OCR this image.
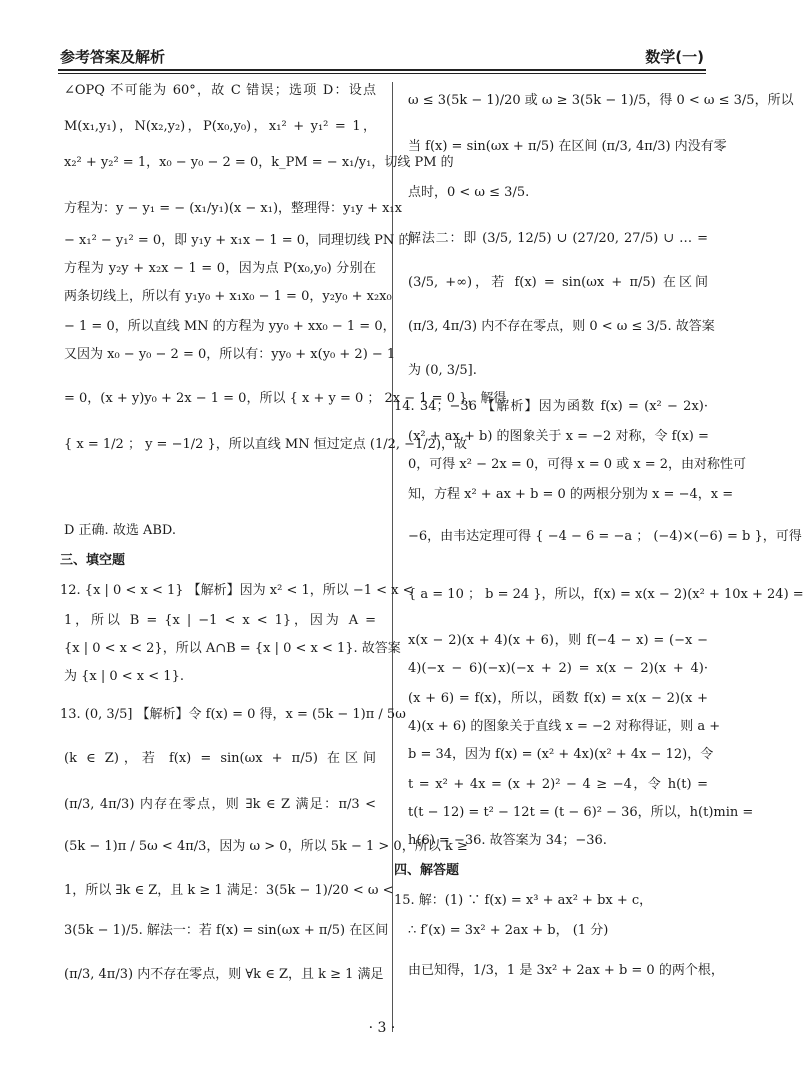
参考答案及解析	数学(一)
∠OPQ 不可能为 60°，故 C 错误；选项 D：设点
M(x₁,y₁)，N(x₂,y₂)，P(x₀,y₀)，x₁² + y₁² = 1，
x₂² + y₂² = 1，x₀ − y₀ − 2 = 0，k_PM = − x₁/y₁，切线 PM 的
方程为：y − y₁ = − (x₁/y₁)(x − x₁)，整理得：y₁y + x₁x
− x₁² − y₁² = 0，即 y₁y + x₁x − 1 = 0，同理切线 PN 的
方程为 y₂y + x₂x − 1 = 0，因为点 P(x₀,y₀) 分别在
两条切线上，所以有 y₁y₀ + x₁x₀ − 1 = 0，y₂y₀ + x₂x₀
− 1 = 0，所以直线 MN 的方程为 yy₀ + xx₀ − 1 = 0，
又因为 x₀ − y₀ − 2 = 0，所以有：yy₀ + x(y₀ + 2) − 1
= 0，(x + y)y₀ + 2x − 1 = 0，所以 { x + y = 0 ； 2x − 1 = 0 }，解得
{ x = 1/2 ； y = −1/2 }，所以直线 MN 恒过定点 (1/2, −1/2)，故
D 正确. 故选 ABD.
三、填空题
12. {x | 0 < x < 1} 【解析】因为 x² < 1，所以 −1 < x <
1，所以 B = {x | −1 < x < 1}，因为 A =
{x | 0 < x < 2}，所以 A∩B = {x | 0 < x < 1}. 故答案
为 {x | 0 < x < 1}.
13. (0, 3/5] 【解析】令 f(x) = 0 得，x = (5k − 1)π / 5ω
(k ∈ Z)，若 f(x) = sin(ωx + π/5) 在区间
(π/3, 4π/3) 内存在零点，则 ∃k ∈ Z 满足：π/3 <
(5k − 1)π / 5ω < 4π/3，因为 ω > 0，所以 5k − 1 > 0，所以 k ≥
1，所以 ∃k ∈ Z，且 k ≥ 1 满足：3(5k − 1)/20 < ω <
3(5k − 1)/5. 解法一：若 f(x) = sin(ωx + π/5) 在区间
(π/3, 4π/3) 内不存在零点，则 ∀k ∈ Z，且 k ≥ 1 满足
ω ≤ 3(5k − 1)/20 或 ω ≥ 3(5k − 1)/5，得 0 < ω ≤ 3/5，所以
当 f(x) = sin(ωx + π/5) 在区间 (π/3, 4π/3) 内没有零
点时，0 < ω ≤ 3/5.
解法二：即 (3/5, 12/5) ∪ (27/20, 27/5) ∪ … =
(3/5, +∞)，若 f(x) = sin(ωx + π/5) 在区间
(π/3, 4π/3) 内不存在零点，则 0 < ω ≤ 3/5. 故答案
为 (0, 3/5].
14. 34；−36 【解析】因为函数 f(x) = (x² − 2x)·
(x² + ax + b) 的图象关于 x = −2 对称，令 f(x) =
0，可得 x² − 2x = 0，可得 x = 0 或 x = 2，由对称性可
知，方程 x² + ax + b = 0 的两根分别为 x = −4，x =
−6，由韦达定理可得 { −4 − 6 = −a ； (−4)×(−6) = b }，可得
{ a = 10 ； b = 24 }，所以，f(x) = x(x − 2)(x² + 10x + 24) =
x(x − 2)(x + 4)(x + 6)，则 f(−4 − x) = (−x −
4)(−x − 6)(−x)(−x + 2) = x(x − 2)(x + 4)·
(x + 6) = f(x)，所以，函数 f(x) = x(x − 2)(x +
4)(x + 6) 的图象关于直线 x = −2 对称得证，则 a +
b = 34，因为 f(x) = (x² + 4x)(x² + 4x − 12)，令
t = x² + 4x = (x + 2)² − 4 ≥ −4，令 h(t) =
t(t − 12) = t² − 12t = (t − 6)² − 36，所以，h(t)min =
h(6) = −36. 故答案为 34；−36.
四、解答题
15. 解：(1) ∵ f(x) = x³ + ax² + bx + c，
∴ f′(x) = 3x² + 2ax + b， (1 分)
由已知得，1/3，1 是 3x² + 2ax + b = 0 的两个根，
· 3 ·
